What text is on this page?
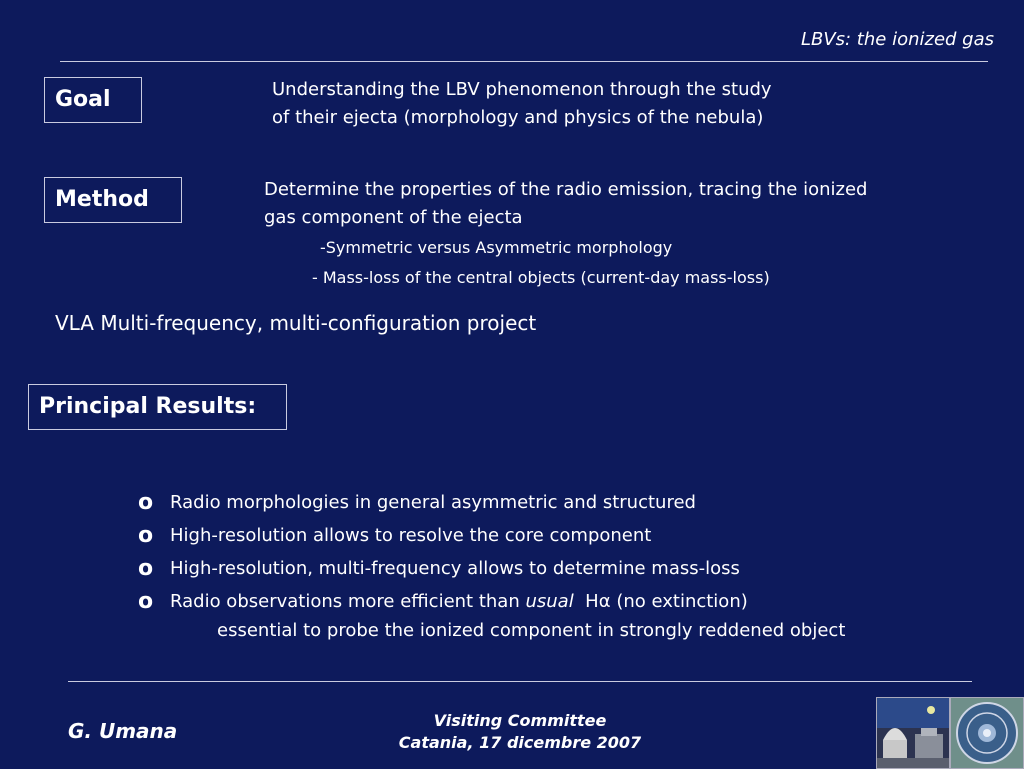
LBVs: the ionized gas
Goal	Understanding the LBV phenomenon through the study
of their ejecta (morphology and physics of the nebula)
Method	Determine the properties of the radio emission, tracing the ionized
gas component of the ejecta
-Symmetric versus Asymmetric morphology
- Mass-loss of the central objects (current-day mass-loss)
VLA Multi-frequency, multi-configuration project
Principal Results:
o Radio morphologies in general asymmetric and structured
o High-resolution allows to resolve the core component
o High-resolution, multi-frequency allows to determine mass-loss
o Radio observations more efficient than usual Hα (no extinction)
essential to probe the ionized component in strongly reddened object
G. Umana	Visiting Committee
Catania, 17 dicembre 2007
